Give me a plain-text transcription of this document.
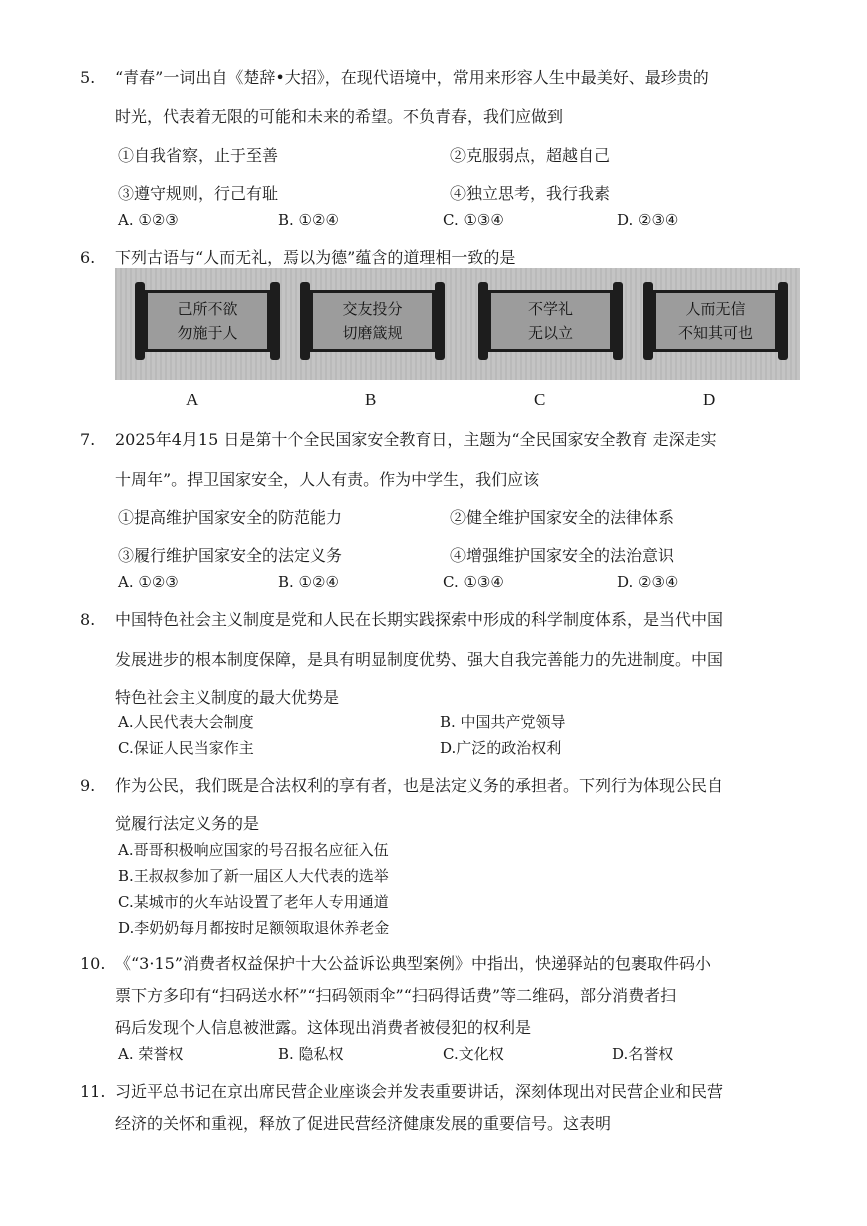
5. “青春”一词出自《楚辞•大招》，在现代语境中，常用来形容人生中最美好、最珍贵的
时光，代表着无限的可能和未来的希望。不负青春，我们应做到
①自我省察，止于至善	②克服弱点，超越自己
③遵守规则，行己有耻	④独立思考，我行我素
A. ①②③	B. ①②④	C. ①③④	D. ②③④
6. 下列古语与“人而无礼，焉以为德”蕴含的道理相一致的是
己所不欲
勿施于人
交友投分
切磨箴规
不学礼
无以立
人而无信
不知其可也
A	B	C	D
7. 2025年4月15 日是第十个全民国家安全教育日，主题为“全民国家安全教育 走深走实
十周年”。捍卫国家安全，人人有责。作为中学生，我们应该
①提高维护国家安全的防范能力	②健全维护国家安全的法律体系
③履行维护国家安全的法定义务	④增强维护国家安全的法治意识
A. ①②③	B. ①②④	C. ①③④	D. ②③④
8. 中国特色社会主义制度是党和人民在长期实践探索中形成的科学制度体系，是当代中国
发展进步的根本制度保障，是具有明显制度优势、强大自我完善能力的先进制度。中国
特色社会主义制度的最大优势是
A.人民代表大会制度	B. 中国共产党领导
C.保证人民当家作主	D.广泛的政治权利
9. 作为公民，我们既是合法权利的享有者，也是法定义务的承担者。下列行为体现公民自
觉履行法定义务的是
A.哥哥积极响应国家的号召报名应征入伍
B.王叔叔参加了新一届区人大代表的选举
C.某城市的火车站设置了老年人专用通道
D.李奶奶每月都按时足额领取退休养老金
10. 《“3·15”消费者权益保护十大公益诉讼典型案例》中指出，快递驿站的包裹取件码小
票下方多印有“扫码送水杯”“扫码领雨伞”“扫码得话费”等二维码，部分消费者扫
码后发现个人信息被泄露。这体现出消费者被侵犯的权利是
A. 荣誉权	B. 隐私权	C.文化权	D.名誉权
11. 习近平总书记在京出席民营企业座谈会并发表重要讲话，深刻体现出对民营企业和民营
经济的关怀和重视，释放了促进民营经济健康发展的重要信号。这表明
